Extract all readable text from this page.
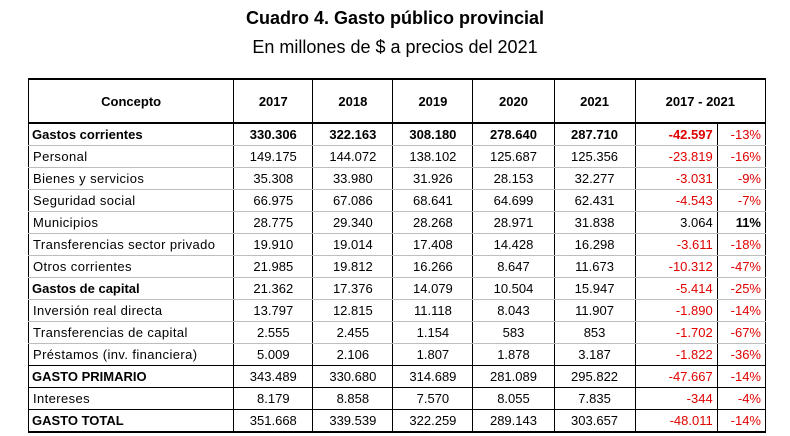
Cuadro 4. Gasto público provincial
En millones de $ a precios del 2021
Concepto	2017	2018	2019	2020	2021	2017 - 2021	
Gastos corrientes	330.306	322.163	308.180	278.640	287.710	-42.597	-13%
Personal	149.175	144.072	138.102	125.687	125.356	-23.819	-16%
Bienes y servicios	35.308	33.980	31.926	28.153	32.277	-3.031	-9%
Seguridad social	66.975	67.086	68.641	64.699	62.431	-4.543	-7%
Municipios	28.775	29.340	28.268	28.971	31.838	3.064	11%
Transferencias sector privado	19.910	19.014	17.408	14.428	16.298	-3.611	-18%
Otros corrientes	21.985	19.812	16.266	8.647	11.673	-10.312	-47%
Gastos de capital	21.362	17.376	14.079	10.504	15.947	-5.414	-25%
Inversión real directa	13.797	12.815	11.118	8.043	11.907	-1.890	-14%
Transferencias de capital	2.555	2.455	1.154	583	853	-1.702	-67%
Préstamos (inv. financiera)	5.009	2.106	1.807	1.878	3.187	-1.822	-36%
GASTO PRIMARIO	343.489	330.680	314.689	281.089	295.822	-47.667	-14%
Intereses	8.179	8.858	7.570	8.055	7.835	-344	-4%
GASTO TOTAL	351.668	339.539	322.259	289.143	303.657	-48.011	-14%
